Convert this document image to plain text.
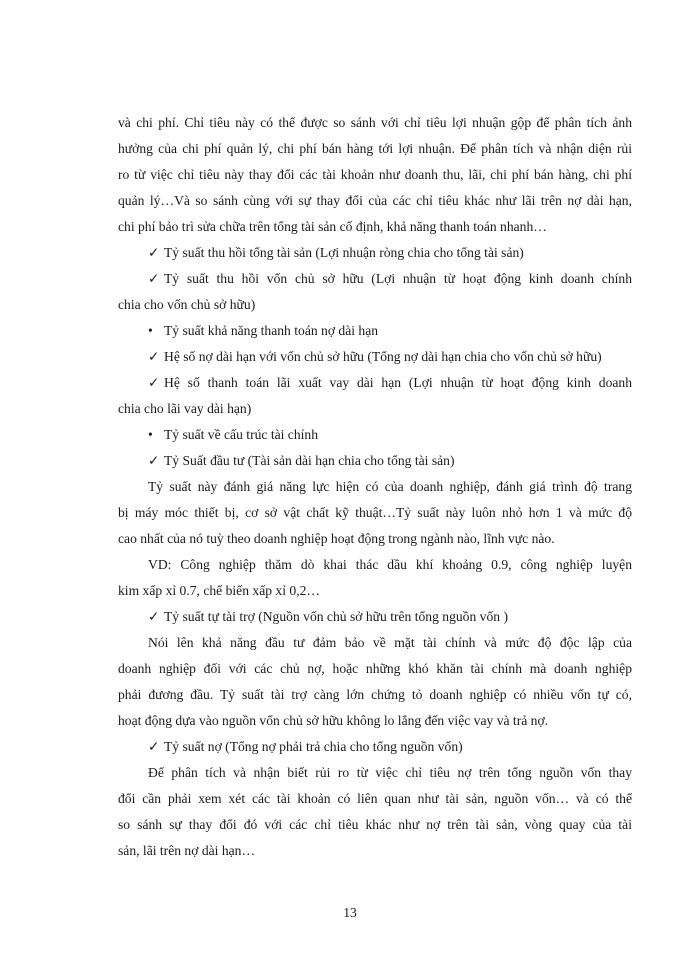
và chi phí. Chỉ tiêu này có thể được so sánh với chỉ tiêu lợi nhuận gộp để phân tích ảnh
hưởng của chi phí quản lý, chi phí bán hàng tới lợi nhuận. Để phân tích và nhận diện rủi
ro từ việc chỉ tiêu này thay đổi các tài khoản như doanh thu, lãi, chi phí bán hàng, chi phí
quản lý…Và so sánh cùng với sự thay đổi của các chỉ tiêu khác như lãi trên nợ dài hạn,
chi phí bảo trì sửa chữa trên tổng tài sản cố định, khả năng thanh toán nhanh…
✓ Tỷ suất thu hồi tổng tài sản (Lợi nhuận ròng chia cho tổng tài sản)
✓ Tỷ suất thu hồi vốn chủ sở hữu (Lợi nhuận từ hoạt động kinh doanh chính
chia cho vốn chủ sở hữu)
• Tỷ suất khả năng thanh toán nợ dài hạn
✓ Hệ số nợ dài hạn với vốn chủ sở hữu (Tổng nợ dài hạn chia cho vốn chủ sở hữu)
✓ Hệ số thanh toán lãi xuất vay dài hạn (Lợi nhuận từ hoạt động kinh doanh
chia cho lãi vay dài hạn)
• Tỷ suất về cấu trúc tài chính
✓ Tỷ Suất đầu tư (Tài sản dài hạn chia cho tổng tài sản)
Tỷ suất này đánh giá năng lực hiện có của doanh nghiệp, đánh giá trình độ trang
bị máy móc thiết bị, cơ sở vật chất kỹ thuật…Tỷ suất này luôn nhỏ hơn 1 và mức độ
cao nhất của nó tuỳ theo doanh nghiệp hoạt động trong ngành nào, lĩnh vực nào.
VD: Công nghiệp thăm dò khai thác dầu khí khoảng 0.9, công nghiệp luyện
kim xấp xỉ 0.7, chế biến xấp xỉ 0,2…
✓ Tỷ suất tự tài trợ (Nguồn vốn chủ sở hữu trên tổng nguồn vốn )
Nói lên khả năng đầu tư đảm bảo về mặt tài chính và mức độ độc lập của
doanh nghiệp đối với các chủ nợ, hoặc những khó khăn tài chính mà doanh nghiệp
phải đương đầu. Tỷ suất tài trợ càng lớn chứng tỏ doanh nghiệp có nhiều vốn tự có,
hoạt động dựa vào nguồn vốn chủ sở hữu không lo lắng đến việc vay và trả nợ.
✓ Tỷ suất nợ (Tổng nợ phải trả chia cho tổng nguồn vốn)
Để phân tích và nhận biết rủi ro từ việc chỉ tiêu nợ trên tổng nguồn vốn thay
đổi cần phải xem xét các tài khoản có liên quan như tài sản, nguồn vốn… và có thể
so sánh sự thay đổi đó với các chỉ tiêu khác như nợ trên tài sản, vòng quay của tài
sản, lãi trên nợ dài hạn…
13
